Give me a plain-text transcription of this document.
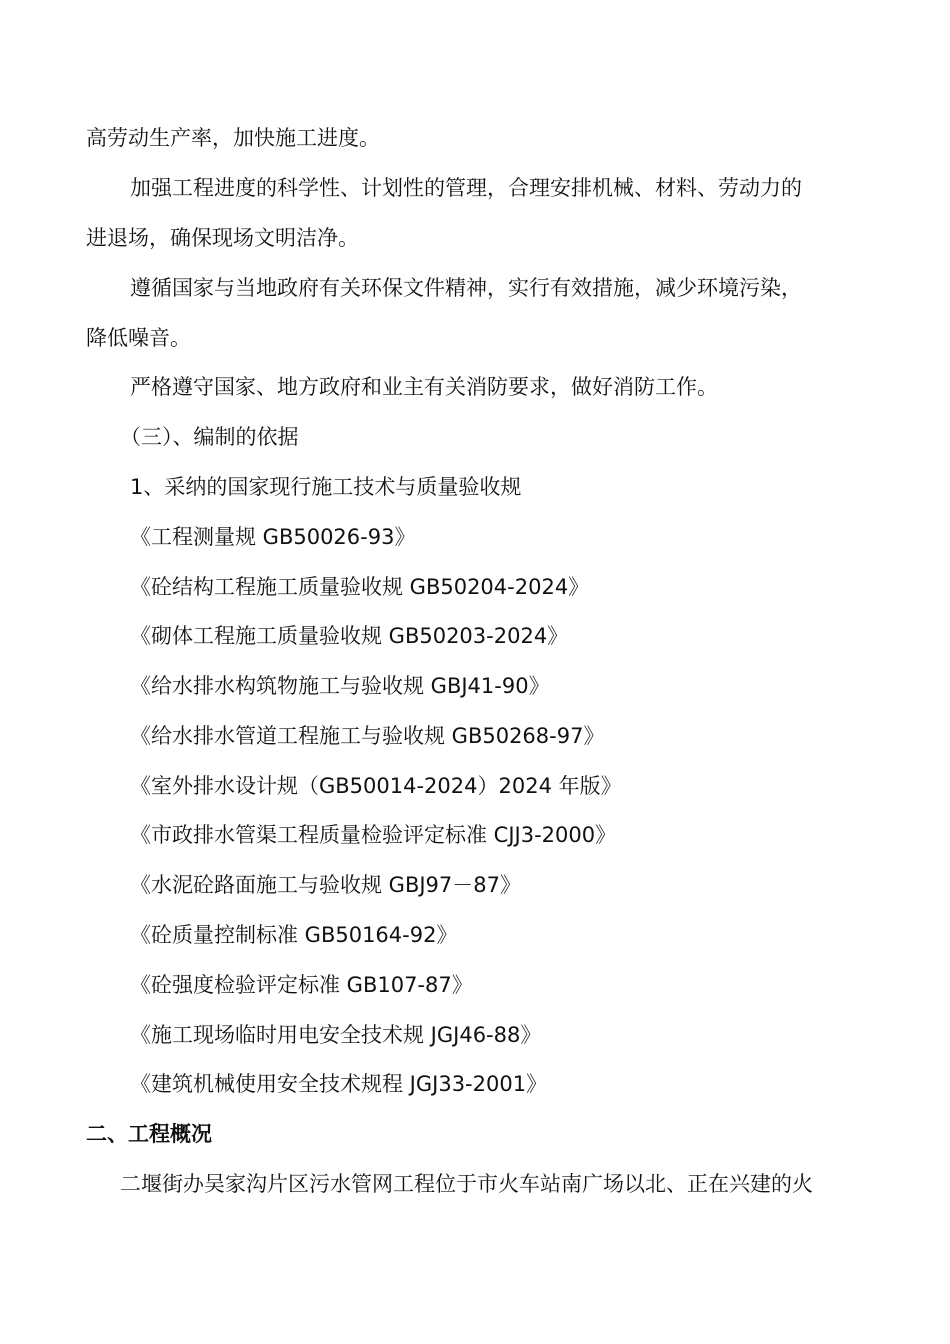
高劳动生产率，加快施工进度。
加强工程进度的科学性、计划性的管理，合理安排机械、材料、劳动力的
进退场，确保现场文明洁净。
遵循国家与当地政府有关环保文件精神，实行有效措施，减少环境污染，
降低噪音。
严格遵守国家、地方政府和业主有关消防要求，做好消防工作。
（三）、编制的依据
1、采纳的国家现行施工技术与质量验收规
《工程测量规 GB50026-93》
《砼结构工程施工质量验收规 GB50204-2024》
《砌体工程施工质量验收规 GB50203-2024》
《给水排水构筑物施工与验收规 GBJ41-90》
《给水排水管道工程施工与验收规 GB50268-97》
《室外排水设计规（GB50014-2024）2024 年版》
《市政排水管渠工程质量检验评定标准 CJJ3-2000》
《水泥砼路面施工与验收规 GBJ97－87》
《砼质量控制标准 GB50164-92》
《砼强度检验评定标准 GB107-87》
《施工现场临时用电安全技术规 JGJ46-88》
《建筑机械使用安全技术规程 JGJ33-2001》
二、工程概况
二堰街办吴家沟片区污水管网工程位于市火车站南广场以北、正在兴建的火
